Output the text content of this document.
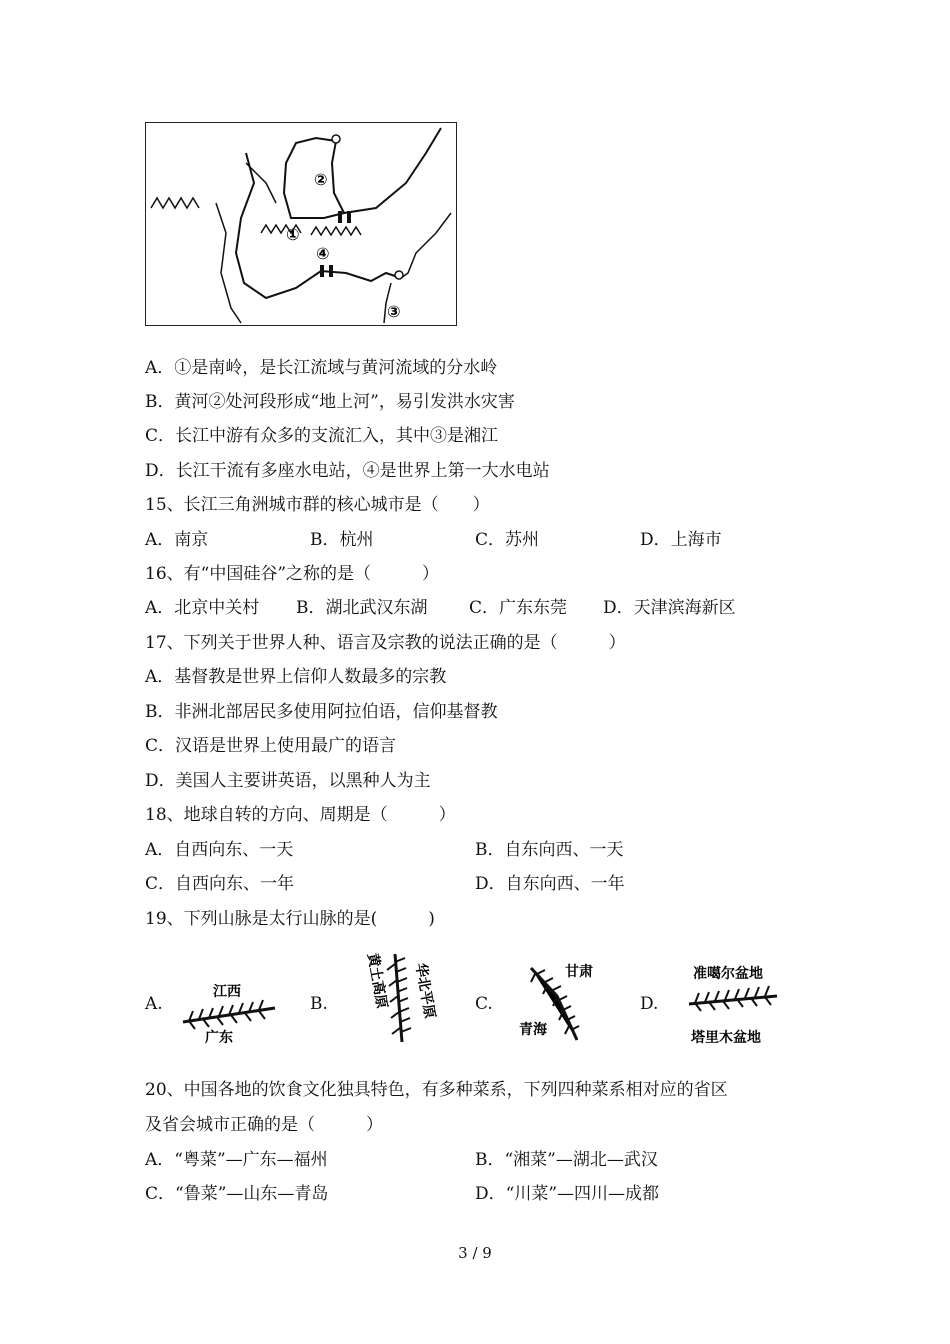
①
②
③
④
A．①是南岭，是长江流域与黄河流域的分水岭
B．黄河②处河段形成“地上河”，易引发洪水灾害
C．长江中游有众多的支流汇入，其中③是湘江
D．长江干流有多座水电站，④是世界上第一大水电站
15、长江三角洲城市群的核心城市是（　　）
A．南京	B．杭州	C．苏州	D．上海市
16、有“中国硅谷”之称的是（　　　）
A．北京中关村 B．湖北武汉东湖 C．广东东莞 D．天津滨海新区
17、下列关于世界人种、语言及宗教的说法正确的是（　　　）
A．基督教是世界上信仰人数最多的宗教
B．非洲北部居民多使用阿拉伯语，信仰基督教
C．汉语是世界上使用最广的语言
D．美国人主要讲英语，以黑种人为主
18、地球自转的方向、周期是（　　　）
A．自西向东、一天	B．自东向西、一天
C．自西向东、一年	D．自东向西、一年
19、下列山脉是太行山脉的是(　　　)
A.
江西
广东
B.	黄土高原 华北平原 C.
甘肃
青海
D.
准噶尔盆地
塔里木盆地
20、中国各地的饮食文化独具特色，有多种菜系，下列四种菜系相对应的省区
及省会城市正确的是（　　　）
A．“粤菜”—广东—福州	B．“湘菜”—湖北—武汉
C．“鲁菜”—山东—青岛	D．“川菜”—四川—成都
3 / 9
